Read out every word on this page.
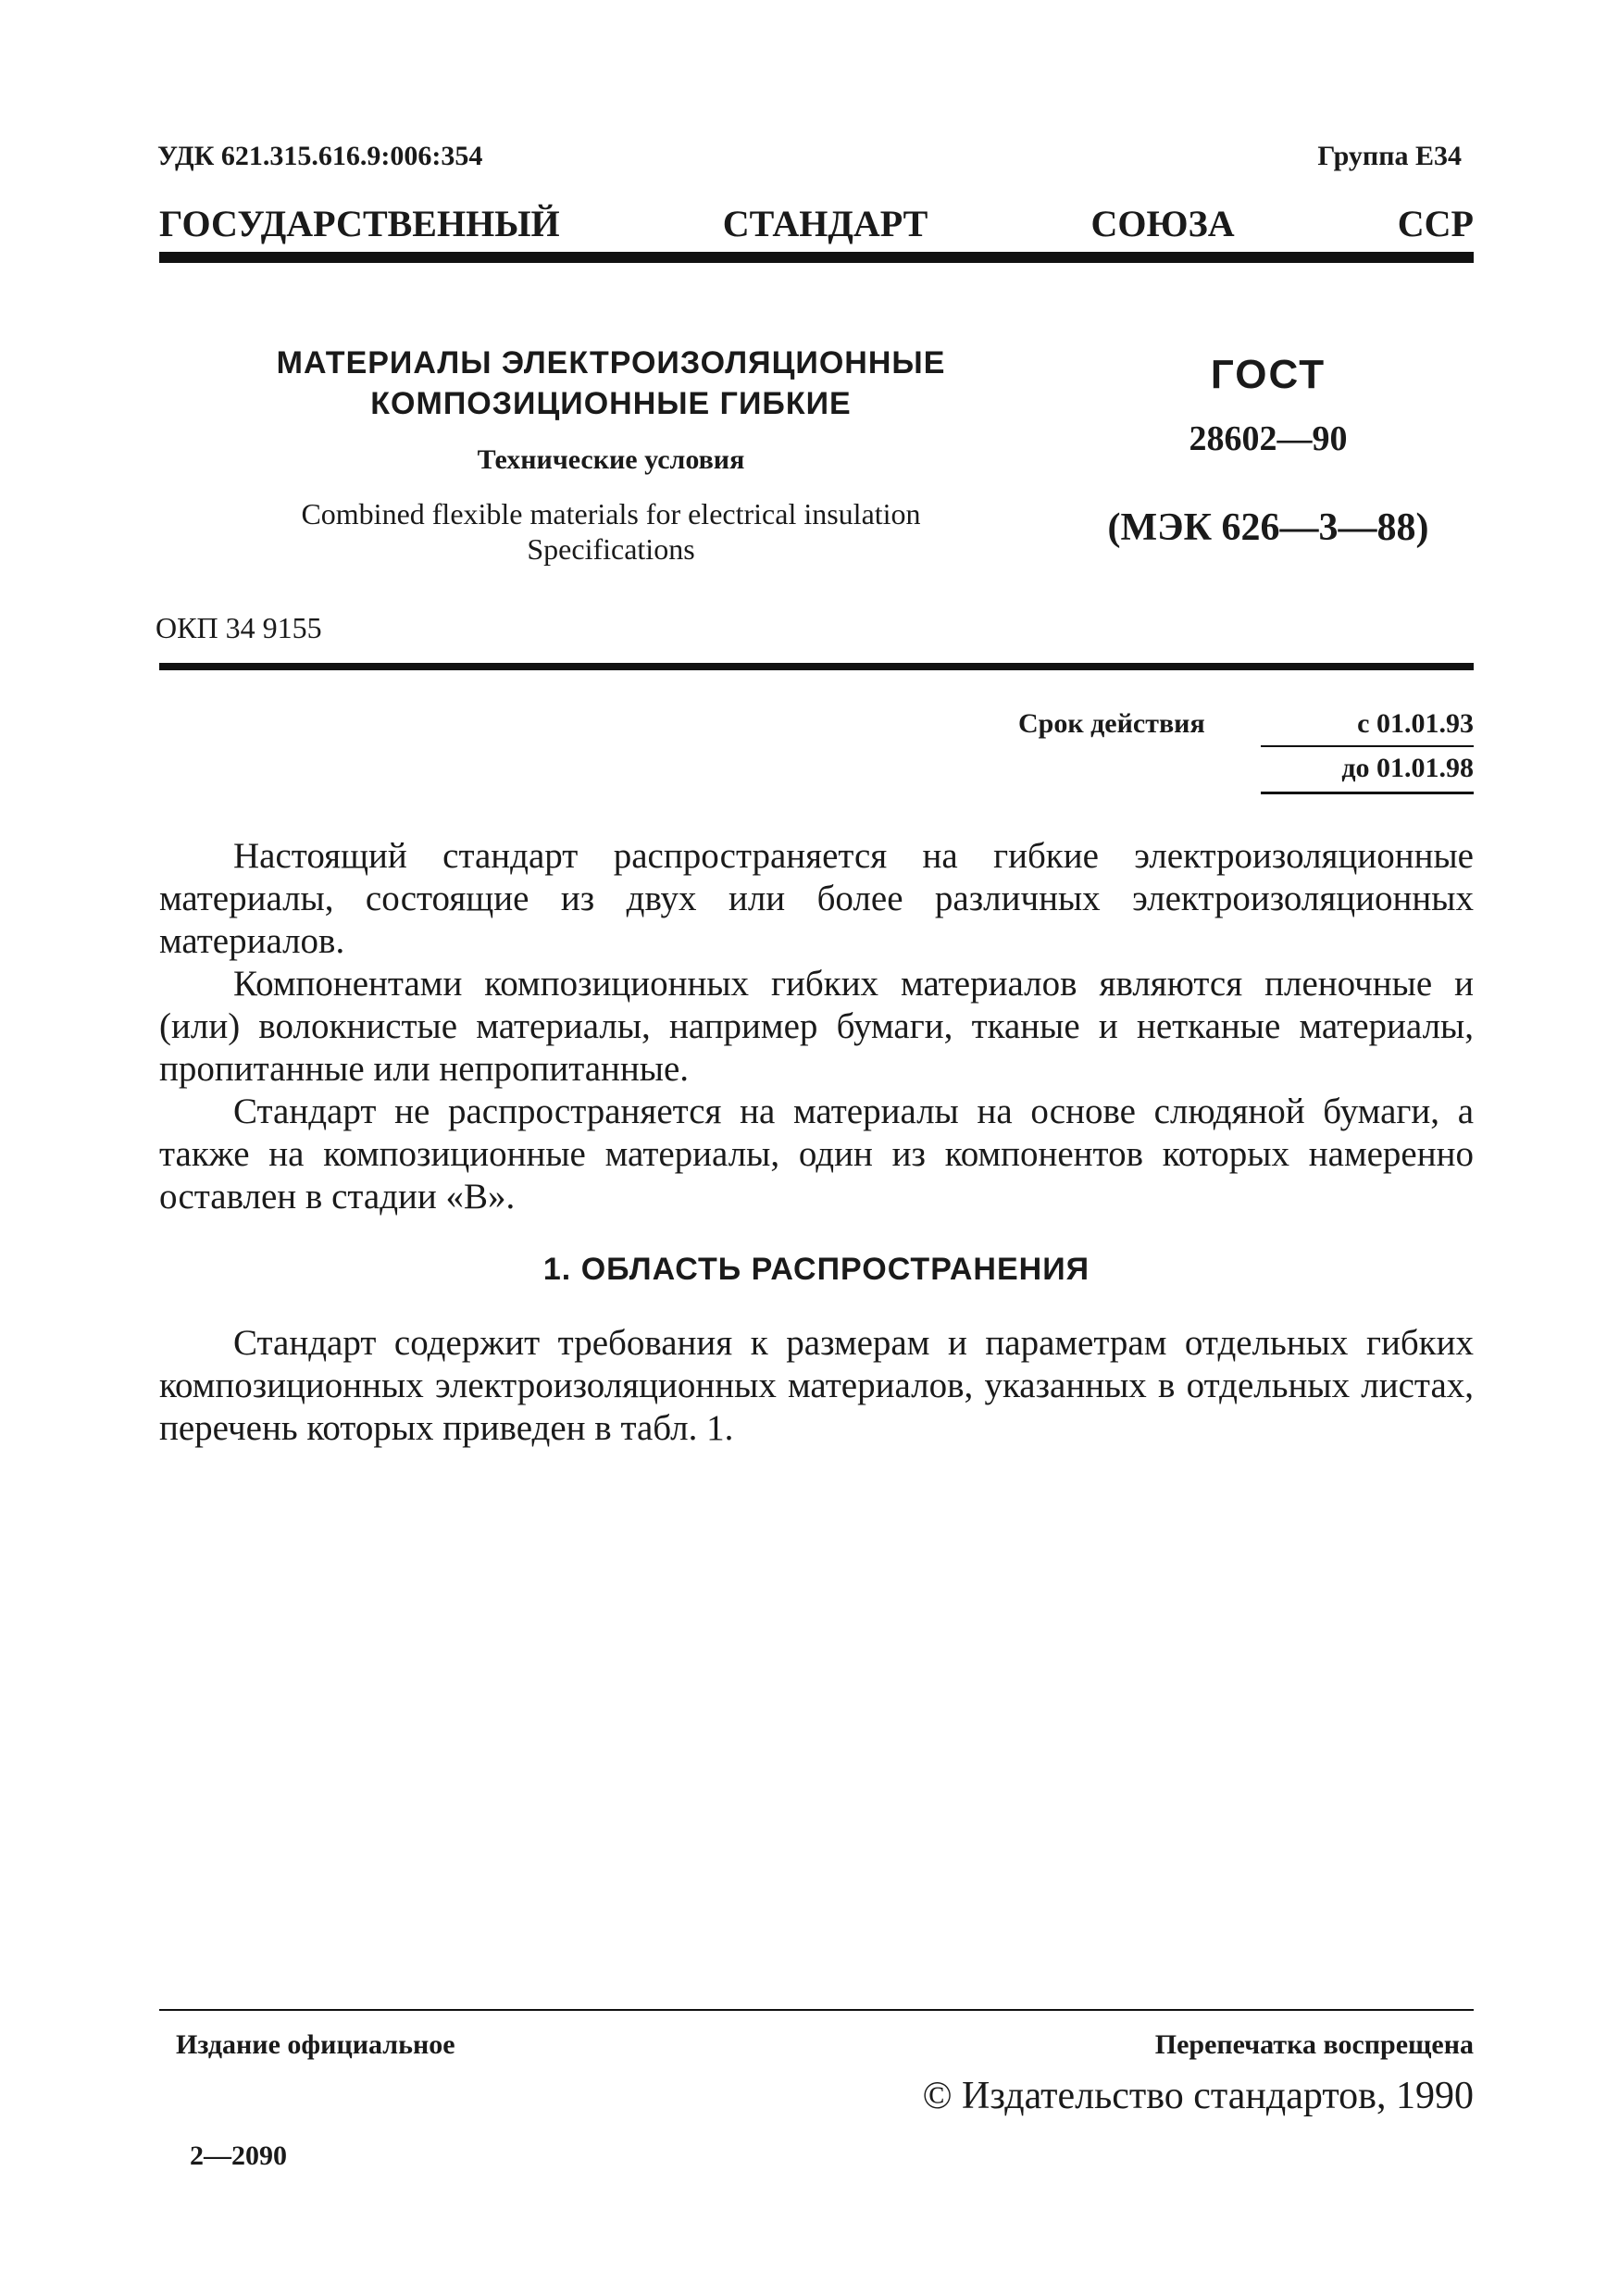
УДК 621.315.616.9:006:354	Группа Е34
ГОСУДАРСТВЕННЫЙ	СТАНДАРТ	СОЮЗА	ССР
МАТЕРИАЛЫ ЭЛЕКТРОИЗОЛЯЦИОННЫЕ
КОМПОЗИЦИОННЫЕ ГИБКИЕ
Технические условия
Combined flexible materials for electrical insulation
Specifications
ГОСТ
28602—90
(МЭК 626—3—88)
ОКП 34 9155
Срок действия	с 01.01.93
до 01.01.98

Настоящий стандарт распространяется на гибкие электроизоляционные материалы, состоящие из двух или более различных электроизоляционных материалов.

Компонентами композиционных гибких материалов являются пленочные и (или) волокнистые материалы, например бумаги, тканые и нетканые материалы, пропитанные или непропитанные.

Стандарт не распространяется на материалы на основе слюдяной бумаги, а также на композиционные материалы, один из компонентов которых намеренно оставлен в стадии «В».

1. ОБЛАСТЬ РАСПРОСТРАНЕНИЯ

Стандарт содержит требования к размерам и параметрам отдельных гибких композиционных электроизоляционных материалов, указанных в отдельных листах, перечень которых приведен в табл. 1.

Издание официальное	Перепечатка воспрещена
© Издательство стандартов, 1990
2—2090
